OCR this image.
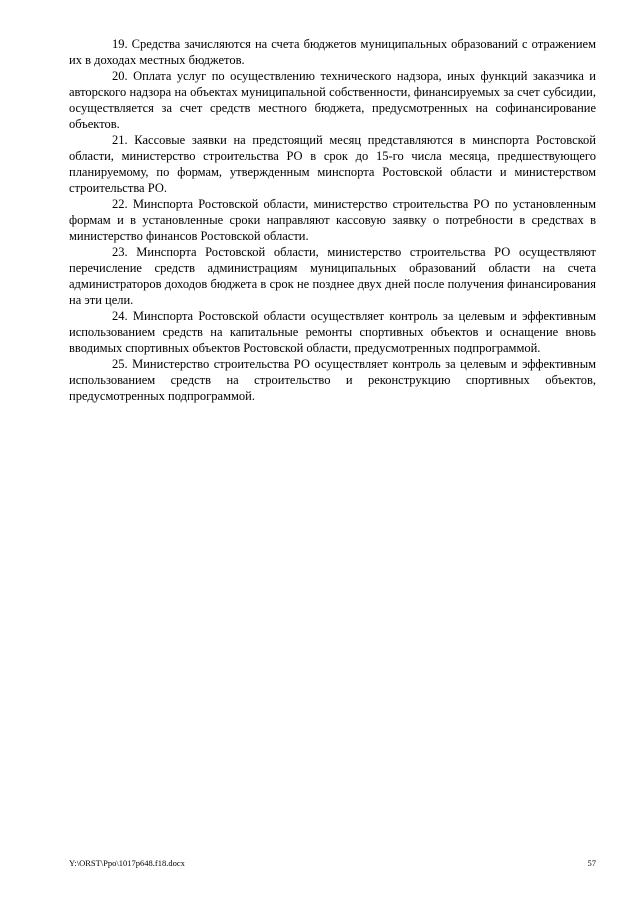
19. Средства зачисляются на счета бюджетов муниципальных образований с отражением их в доходах местных бюджетов.

20. Оплата услуг по осуществлению технического надзора, иных функций заказчика и авторского надзора на объектах муниципальной собственности, финансируемых за счет субсидии, осуществляется за счет средств местного бюджета, предусмотренных на софинансирование объектов.

21. Кассовые заявки на предстоящий месяц представляются в минспорта Ростовской области, министерство строительства РО в срок до 15-го числа месяца, предшествующего планируемому, по формам, утвержденным минспорта Ростовской области и министерством строительства РО.

22. Минспорта Ростовской области, министерство строительства РО по установленным формам и в установленные сроки направляют кассовую заявку о потребности в средствах в министерство финансов Ростовской области.

23. Минспорта Ростовской области, министерство строительства РО осуществляют перечисление средств администрациям муниципальных образований области на счета администраторов доходов бюджета в срок не позднее двух дней после получения финансирования на эти цели.

24. Минспорта Ростовской области осуществляет контроль за целевым и эффективным использованием средств на капитальные ремонты спортивных объектов и оснащение вновь вводимых спортивных объектов Ростовской области, предусмотренных подпрограммой.

25. Министерство строительства РО осуществляет контроль за целевым и эффективным использованием средств на строительство и реконструкцию спортивных объектов, предусмотренных подпрограммой.

Y:\ORST\Ppo\1017p648.f18.docx	57
